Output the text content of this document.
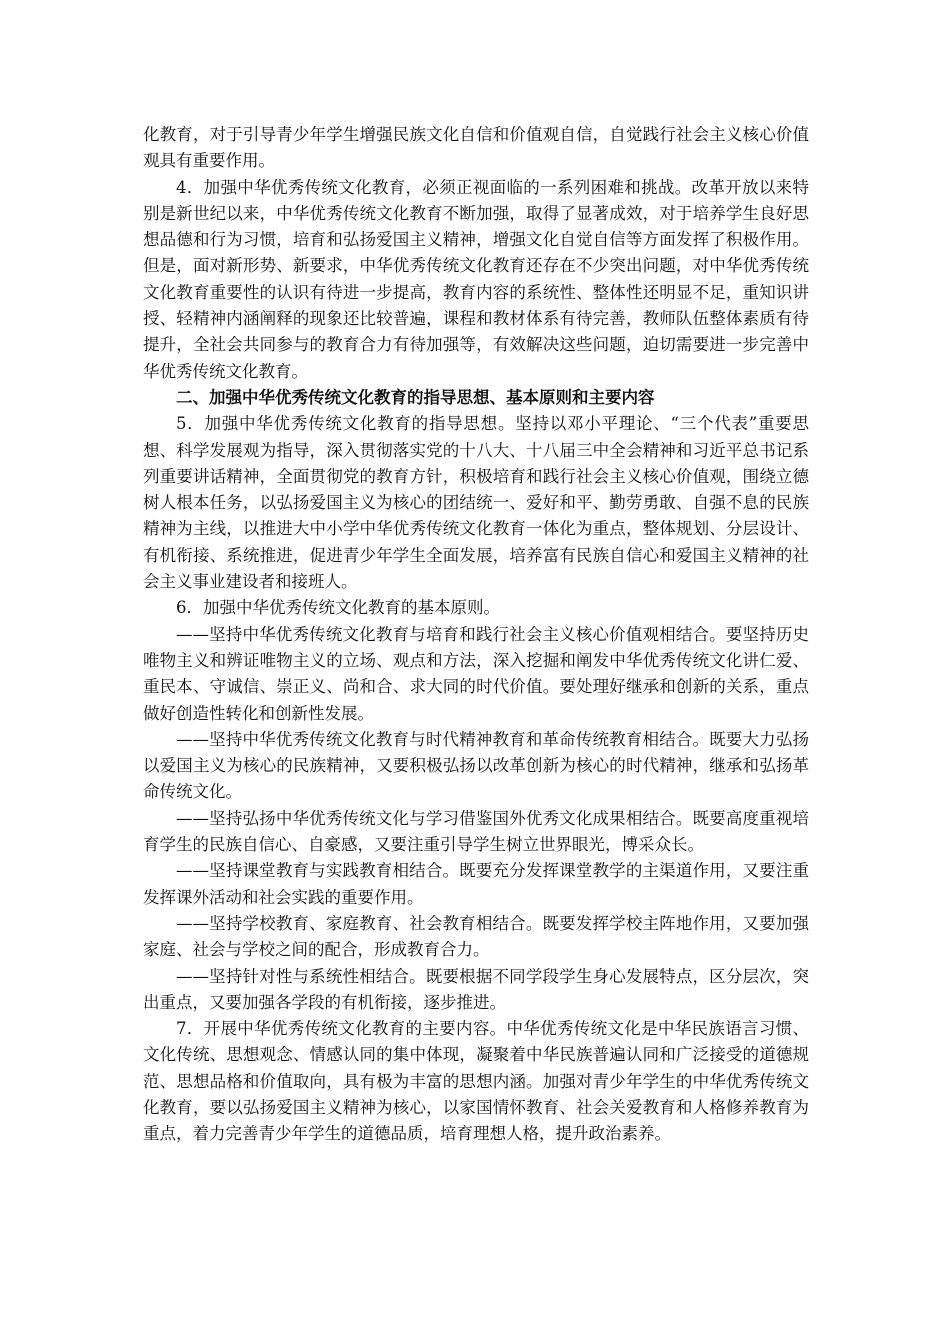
化教育，对于引导青少年学生增强民族文化自信和价值观自信，自觉践行社会主义核心价值观具有重要作用。

4．加强中华优秀传统文化教育，必须正视面临的一系列困难和挑战。改革开放以来特别是新世纪以来，中华优秀传统文化教育不断加强，取得了显著成效，对于培养学生良好思想品德和行为习惯，培育和弘扬爱国主义精神，增强文化自觉自信等方面发挥了积极作用。但是，面对新形势、新要求，中华优秀传统文化教育还存在不少突出问题，对中华优秀传统文化教育重要性的认识有待进一步提高，教育内容的系统性、整体性还明显不足，重知识讲授、轻精神内涵阐释的现象还比较普遍，课程和教材体系有待完善，教师队伍整体素质有待提升，全社会共同参与的教育合力有待加强等，有效解决这些问题，迫切需要进一步完善中华优秀传统文化教育。

二、加强中华优秀传统文化教育的指导思想、基本原则和主要内容

5．加强中华优秀传统文化教育的指导思想。坚持以邓小平理论、“三个代表”重要思想、科学发展观为指导，深入贯彻落实党的十八大、十八届三中全会精神和习近平总书记系列重要讲话精神，全面贯彻党的教育方针，积极培育和践行社会主义核心价值观，围绕立德树人根本任务，以弘扬爱国主义为核心的团结统一、爱好和平、勤劳勇敢、自强不息的民族精神为主线，以推进大中小学中华优秀传统文化教育一体化为重点，整体规划、分层设计、有机衔接、系统推进，促进青少年学生全面发展，培养富有民族自信心和爱国主义精神的社会主义事业建设者和接班人。

6．加强中华优秀传统文化教育的基本原则。

——坚持中华优秀传统文化教育与培育和践行社会主义核心价值观相结合。要坚持历史唯物主义和辨证唯物主义的立场、观点和方法，深入挖掘和阐发中华优秀传统文化讲仁爱、重民本、守诚信、崇正义、尚和合、求大同的时代价值。要处理好继承和创新的关系，重点做好创造性转化和创新性发展。

——坚持中华优秀传统文化教育与时代精神教育和革命传统教育相结合。既要大力弘扬以爱国主义为核心的民族精神，又要积极弘扬以改革创新为核心的时代精神，继承和弘扬革命传统文化。

——坚持弘扬中华优秀传统文化与学习借鉴国外优秀文化成果相结合。既要高度重视培育学生的民族自信心、自豪感，又要注重引导学生树立世界眼光，博采众长。

——坚持课堂教育与实践教育相结合。既要充分发挥课堂教学的主渠道作用，又要注重发挥课外活动和社会实践的重要作用。

——坚持学校教育、家庭教育、社会教育相结合。既要发挥学校主阵地作用，又要加强家庭、社会与学校之间的配合，形成教育合力。

——坚持针对性与系统性相结合。既要根据不同学段学生身心发展特点，区分层次，突出重点，又要加强各学段的有机衔接，逐步推进。

7．开展中华优秀传统文化教育的主要内容。中华优秀传统文化是中华民族语言习惯、文化传统、思想观念、情感认同的集中体现，凝聚着中华民族普遍认同和广泛接受的道德规范、思想品格和价值取向，具有极为丰富的思想内涵。加强对青少年学生的中华优秀传统文化教育，要以弘扬爱国主义精神为核心，以家国情怀教育、社会关爱教育和人格修养教育为重点，着力完善青少年学生的道德品质，培育理想人格，提升政治素养。
